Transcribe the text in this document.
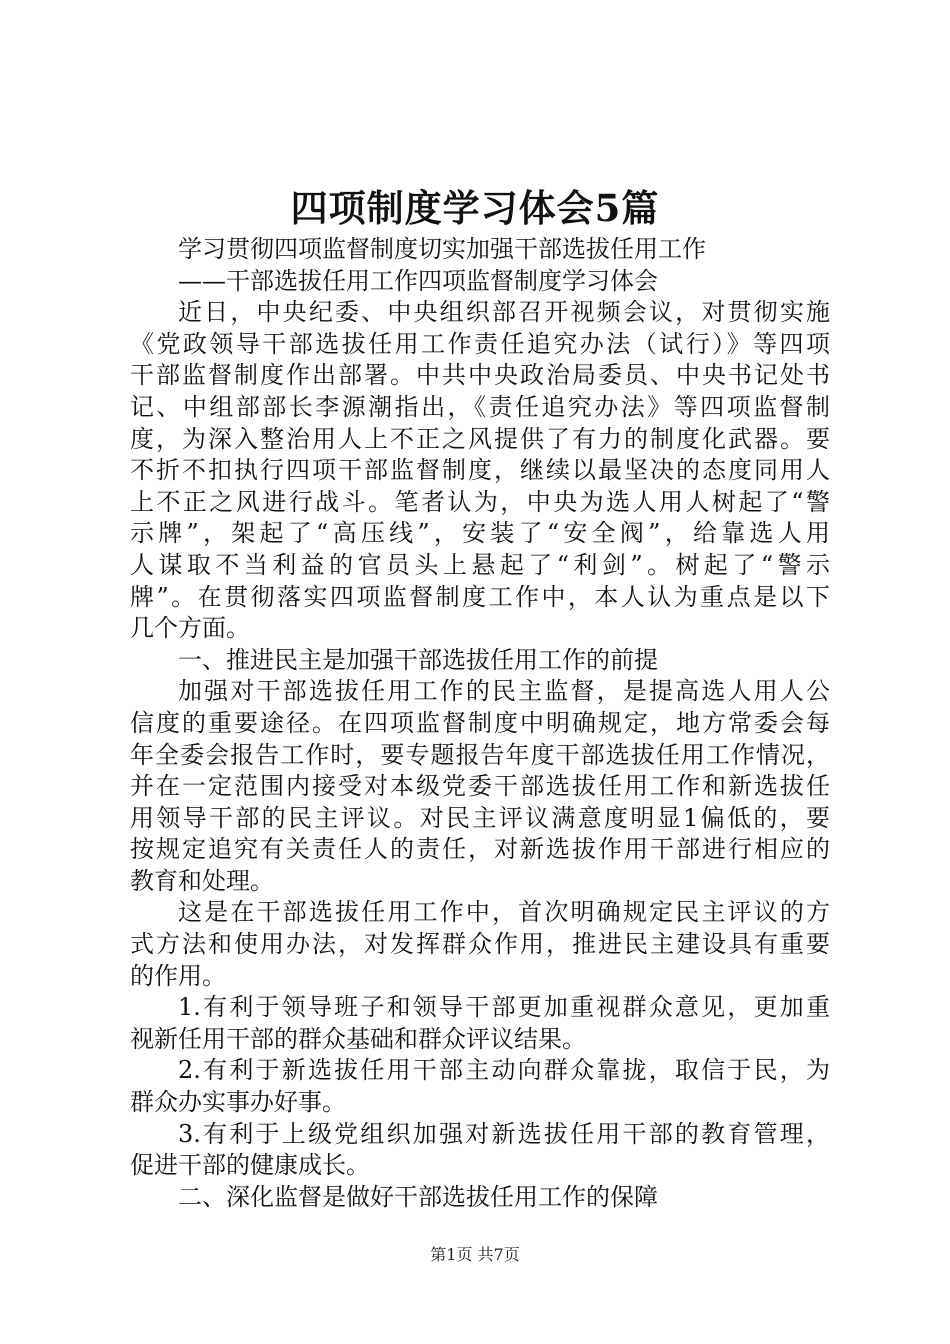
四项制度学习体会5篇
学习贯彻四项监督制度切实加强干部选拔任用工作
——干部选拔任用工作四项监督制度学习体会
近日，中央纪委、中央组织部召开视频会议，对贯彻实施
《党政领导干部选拔任用工作责任追究办法（试行）》等四项
干部监督制度作出部署。中共中央政治局委员、中央书记处书
记、中组部部长李源潮指出，《责任追究办法》等四项监督制
度，为深入整治用人上不正之风提供了有力的制度化武器。要
不折不扣执行四项干部监督制度，继续以最坚决的态度同用人
上不正之风进行战斗。笔者认为，中央为选人用人树起了“警
示牌”，架起了“高压线”，安装了“安全阀”，给靠选人用
人谋取不当利益的官员头上悬起了“利剑”。树起了“警示
牌”。在贯彻落实四项监督制度工作中，本人认为重点是以下
几个方面。
一、推进民主是加强干部选拔任用工作的前提
加强对干部选拔任用工作的民主监督，是提高选人用人公
信度的重要途径。在四项监督制度中明确规定，地方常委会每
年全委会报告工作时，要专题报告年度干部选拔任用工作情况，
并在一定范围内接受对本级党委干部选拔任用工作和新选拔任
用领导干部的民主评议。对民主评议满意度明显1偏低的，要
按规定追究有关责任人的责任，对新选拔作用干部进行相应的
教育和处理。
这是在干部选拔任用工作中，首次明确规定民主评议的方
式方法和使用办法，对发挥群众作用，推进民主建设具有重要
的作用。
1.有利于领导班子和领导干部更加重视群众意见，更加重
视新任用干部的群众基础和群众评议结果。
2.有利于新选拔任用干部主动向群众靠拢，取信于民，为
群众办实事办好事。
3.有利于上级党组织加强对新选拔任用干部的教育管理，
促进干部的健康成长。
二、深化监督是做好干部选拔任用工作的保障
第1页 共7页
